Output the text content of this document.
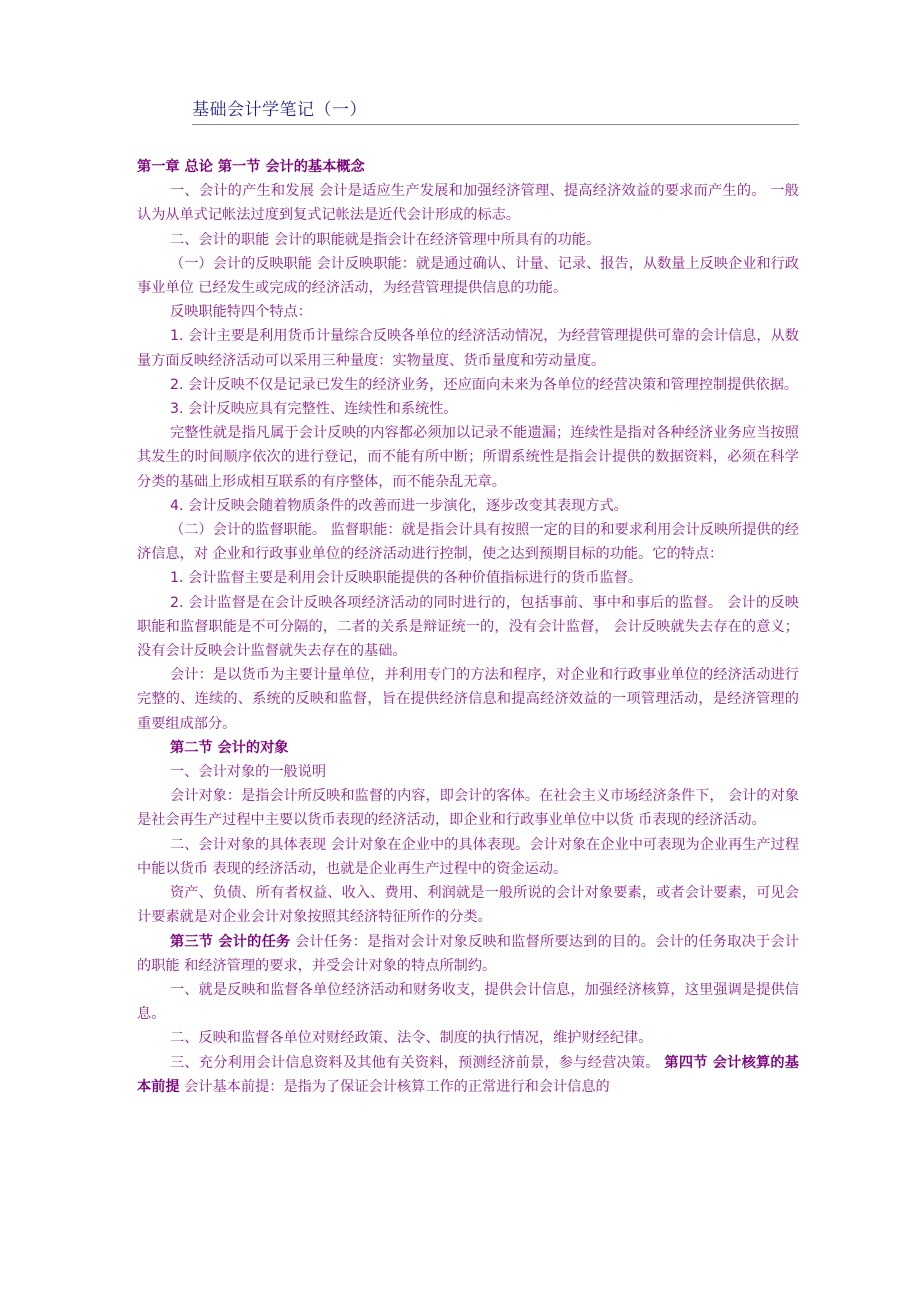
基础会计学笔记（一）

第一章 总论 第一节 会计的基本概念

一、会计的产生和发展 会计是适应生产发展和加强经济管理、提高经济效益的要求而产生的。 一般认为从单式记帐法过度到复式记帐法是近代会计形成的标志。

二、会计的职能 会计的职能就是指会计在经济管理中所具有的功能。

（一）会计的反映职能 会计反映职能：就是通过确认、计量、记录、报告，从数量上反映企业和行政事业单位 已经发生或完成的经济活动，为经营管理提供信息的功能。

反映职能特四个特点：

1. 会计主要是利用货币计量综合反映各单位的经济活动情况，为经营管理提供可靠的会计信息，从数量方面反映经济活动可以采用三种量度：实物量度、货币量度和劳动量度。

2. 会计反映不仅是记录已发生的经济业务，还应面向未来为各单位的经营决策和管理控制提供依据。

3. 会计反映应具有完整性、连续性和系统性。

完整性就是指凡属于会计反映的内容都必须加以记录不能遗漏；连续性是指对各种经济业务应当按照其发生的时间顺序依次的进行登记，而不能有所中断；所谓系统性是指会计提供的数据资料，必须在科学分类的基础上形成相互联系的有序整体，而不能杂乱无章。

4. 会计反映会随着物质条件的改善而进一步演化，逐步改变其表现方式。

（二）会计的监督职能。 监督职能：就是指会计具有按照一定的目的和要求利用会计反映所提供的经济信息，对 企业和行政事业单位的经济活动进行控制，使之达到预期目标的功能。它的特点：

1. 会计监督主要是利用会计反映职能提供的各种价值指标进行的货币监督。

2. 会计监督是在会计反映各项经济活动的同时进行的，包括事前、事中和事后的监督。 会计的反映职能和监督职能是不可分隔的，二者的关系是辩证统一的，没有会计监督， 会计反映就失去存在的意义；没有会计反映会计监督就失去存在的基础。

会计：是以货币为主要计量单位，并利用专门的方法和程序，对企业和行政事业单位的经济活动进行完整的、连续的、系统的反映和监督，旨在提供经济信息和提高经济效益的一项管理活动，是经济管理的重要组成部分。

第二节 会计的对象

一、会计对象的一般说明

会计对象：是指会计所反映和监督的内容，即会计的客体。在社会主义市场经济条件下， 会计的对象是社会再生产过程中主要以货币表现的经济活动，即企业和行政事业单位中以货 币表现的经济活动。

二、会计对象的具体表现 会计对象在企业中的具体表现。会计对象在企业中可表现为企业再生产过程中能以货币 表现的经济活动，也就是企业再生产过程中的资金运动。

资产、负债、所有者权益、收入、费用、利润就是一般所说的会计对象要素，或者会计要素，可见会计要素就是对企业会计对象按照其经济特征所作的分类。

第三节 会计的任务 会计任务：是指对会计对象反映和监督所要达到的目的。会计的任务取决于会计的职能 和经济管理的要求，并受会计对象的特点所制约。

一、就是反映和监督各单位经济活动和财务收支，提供会计信息，加强经济核算，这里强调是提供信息。

二、反映和监督各单位对财经政策、法令、制度的执行情况，维护财经纪律。

三、充分利用会计信息资料及其他有关资料，预测经济前景，参与经营决策。 第四节 会计核算的基本前提 会计基本前提：是指为了保证会计核算工作的正常进行和会计信息的
